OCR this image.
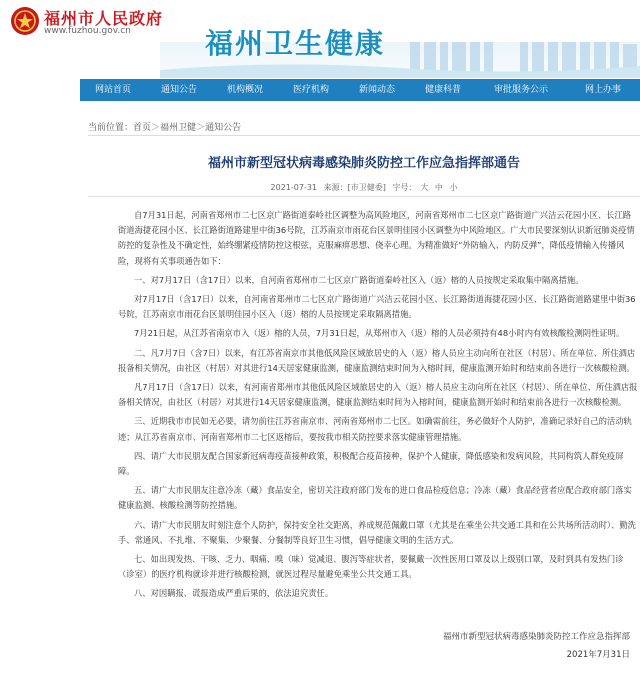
福州市人民政府
www.fuzhou.gov.cn	福州卫生健康
网站首页	通知公告	机构概况	医疗机构	新闻动态	健康科普	审批服务公示	网上办事
当前位置：首页＞福州卫健＞通知公告
福州市新型冠状病毒感染肺炎防控工作应急指挥部通告
2021-07-31 来源：[市卫健委] 字号： 大 中 小

自7月31日起，河南省郑州市二七区京广路街道秦岭社区调整为高风险地区，河南省郑州市二七区京广路街道广兴洁云花园小区、长江路街道海捷花园小区、长江路街道路建里中街36号院，江苏南京市雨花台区景明佳园小区调整为中风险地区。广大市民要深刻认识新冠肺炎疫情防控的复杂性及不确定性，始终绷紧疫情防控这根弦，克服麻痹思想、侥幸心理。为精准做好“外防输入、内防反弹”，降低疫情输入传播风险，现将有关事项通告如下：

一、对7月17日（含17日）以来，自河南省郑州市二七区京广路街道秦岭社区入（返）榕的人员按规定采取集中隔离措施。

对7月17日（含17日）以来，自河南省郑州市二七区京广路街道广兴洁云花园小区、长江路街道海捷花园小区、长江路街道路建里中街36号院，江苏南京市雨花台区景明佳园小区入（返）榕的人员按规定采取隔离措施。

7月21日起，从江苏省南京市入（返）榕的人员，7月31日起，从郑州市入（返）榕的人员必须持有48小时内有效核酸检测阴性证明。

二、凡7月7日（含7日）以来，有江苏省南京市其他低风险区域旅居史的入（返）榕人员应主动向所在社区（村居）、所在单位、所住酒店报备相关情况，由社区（村居）对其进行14天居家健康监测，健康监测结束时间为入榕时间，健康监测开始时和结束前各进行一次核酸检测。

凡7月17日（含17日）以来，有河南省郑州市其他低风险区域旅居史的入（返）榕人员应主动向所在社区（村居）、所在单位、所住酒店报备相关情况，由社区（村居）对其进行14天居家健康监测，健康监测结束时间为入榕时间，健康监测开始时和结束前各进行一次核酸检测。

三、近期我市市民如无必要，请勿前往江苏省南京市、河南省郑州市二七区。如确需前往，务必做好个人防护，准确记录好自己的活动轨迹；从江苏省南京市、河南省郑州市二七区返榕后，要按我市相关防控要求落实健康管理措施。

四、请广大市民朋友配合国家新冠病毒疫苗接种政策，积极配合疫苗接种，保护个人健康，降低感染和发病风险，共同构筑人群免疫屏障。

五、请广大市民朋友注意冷冻（藏）食品安全，密切关注政府部门发布的进口食品检疫信息；冷冻（藏）食品经营者应配合政府部门落实健康监测、核酸检测等防控措施。

六、请广大市民朋友时刻注意个人防护，保持安全社交距离，养成规范佩戴口罩（尤其是在乘坐公共交通工具和在公共场所活动时）、勤洗手、常通风、不扎堆、不聚集、少聚餐、分餐制等良好卫生习惯，倡导健康文明的生活方式。

七、如出现发热、干咳、乏力、咽痛、嗅（味）觉减退、腹泻等症状者，要佩戴一次性医用口罩及以上级别口罩，及时到具有发热门诊（诊室）的医疗机构就诊并进行核酸检测，就医过程尽量避免乘坐公共交通工具。

八、对因瞒报、谎报造成严重后果的，依法追究责任。

福州市新型冠状病毒感染肺炎防控工作应急指挥部
2021年7月31日
